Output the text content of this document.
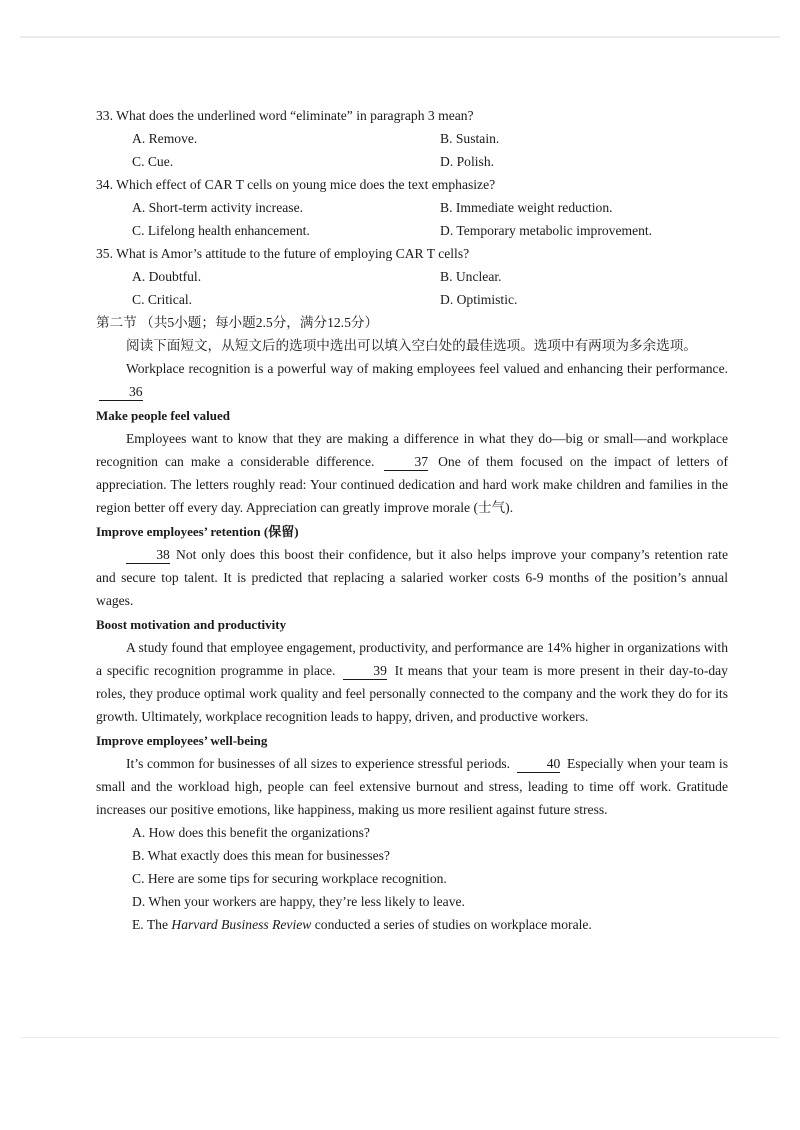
33. What does the underlined word “eliminate” in paragraph 3 mean?

A. Remove.	B. Sustain.
C. Cue.	D. Polish.

34. Which effect of CAR T cells on young mice does the text emphasize?

A. Short-term activity increase.	B. Immediate weight reduction.
C. Lifelong health enhancement.	D. Temporary metabolic improvement.

35. What is Amor’s attitude to the future of employing CAR T cells?

A. Doubtful.	B. Unclear.
C. Critical.	D. Optimistic.

第二节 （共5小题；每小题2.5分，满分12.5分）

阅读下面短文，从短文后的选项中选出可以填入空白处的最佳选项。选项中有两项为多余选项。

Workplace recognition is a powerful way of making employees feel valued and enhancing their performance. 36

Make people feel valued

Employees want to know that they are making a difference in what they do—big or small—and workplace recognition can make a considerable difference.	37 One of them focused on the impact of letters of appreciation. The letters roughly read: Your continued dedication and hard work make children and families in the region better off every day. Appreciation can greatly improve morale (士气).

Improve employees’ retention (保留)

38 Not only does this boost their confidence, but it also helps improve your company’s retention rate and secure top talent. It is predicted that replacing a salaried worker costs 6-9 months of the position’s annual wages.

Boost motivation and productivity

A study found that employee engagement, productivity, and performance are 14% higher in organizations with a specific recognition programme in place.	39 It means that your team is more present in their day-to-day roles, they produce optimal work quality and feel personally connected to the company and the work they do for its growth. Ultimately, workplace recognition leads to happy, driven, and productive workers.

Improve employees’ well-being

It’s common for businesses of all sizes to experience stressful periods.	40 Especially when your team is small and the workload high, people can feel extensive burnout and stress, leading to time off work. Gratitude increases our positive emotions, like happiness, making us more resilient against future stress.

A. How does this benefit the organizations?

B. What exactly does this mean for businesses?

C. Here are some tips for securing workplace recognition.

D. When your workers are happy, they’re less likely to leave.

E. The Harvard Business Review conducted a series of studies on workplace morale.
